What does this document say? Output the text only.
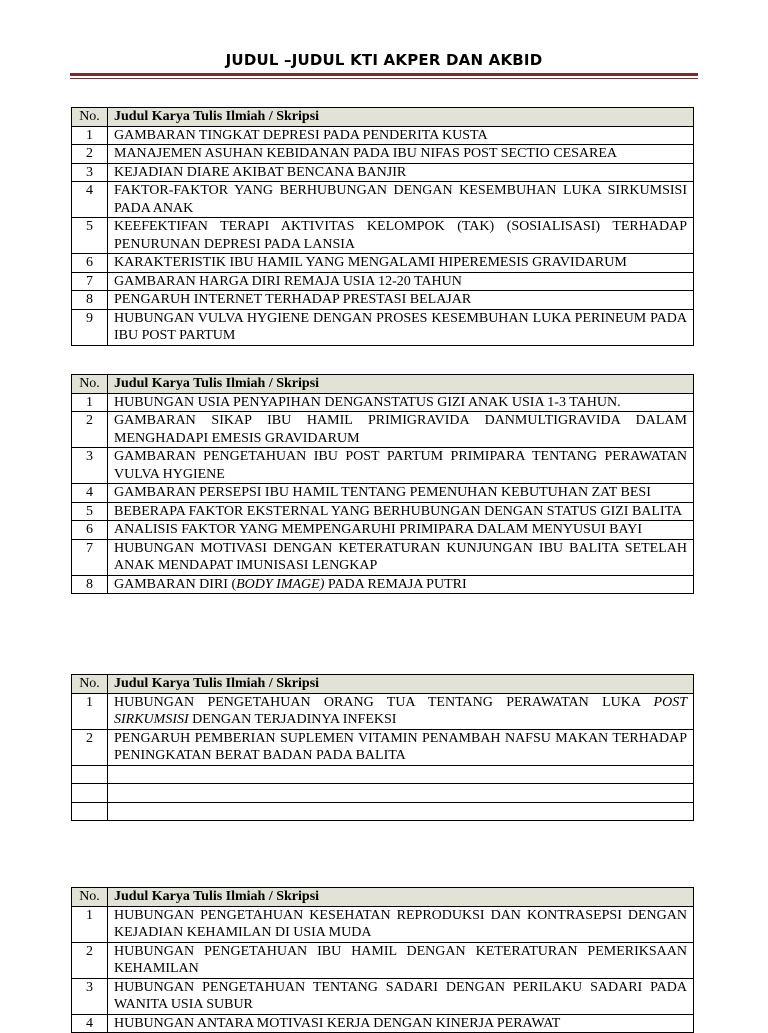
JUDUL –JUDUL KTI AKPER DAN AKBID
No.	Judul Karya Tulis Ilmiah / Skripsi
1	GAMBARAN TINGKAT DEPRESI PADA PENDERITA KUSTA
2	MANAJEMEN ASUHAN KEBIDANAN PADA IBU NIFAS POST SECTIO CESAREA
3	KEJADIAN DIARE AKIBAT BENCANA BANJIR
4	FAKTOR-FAKTOR YANG BERHUBUNGAN DENGAN KESEMBUHAN LUKA SIRKUMSISI PADA ANAK
5	KEEFEKTIFAN TERAPI AKTIVITAS KELOMPOK (TAK) (SOSIALISASI) TERHADAP PENURUNAN DEPRESI PADA LANSIA
6	KARAKTERISTIK IBU HAMIL YANG MENGALAMI HIPEREMESIS GRAVIDARUM
7	GAMBARAN HARGA DIRI REMAJA USIA 12-20 TAHUN
8	PENGARUH INTERNET TERHADAP PRESTASI BELAJAR
9	HUBUNGAN VULVA HYGIENE DENGAN PROSES KESEMBUHAN LUKA PERINEUM PADA IBU POST PARTUM
No.	Judul Karya Tulis Ilmiah / Skripsi
1	HUBUNGAN USIA PENYAPIHAN DENGANSTATUS GIZI ANAK USIA 1-3 TAHUN.
2	GAMBARAN SIKAP IBU HAMIL PRIMIGRAVIDA DANMULTIGRAVIDA DALAM MENGHADAPI EMESIS GRAVIDARUM
3	GAMBARAN PENGETAHUAN IBU POST PARTUM PRIMIPARA TENTANG PERAWATAN VULVA HYGIENE
4	GAMBARAN PERSEPSI IBU HAMIL TENTANG PEMENUHAN KEBUTUHAN ZAT BESI
5	BEBERAPA FAKTOR EKSTERNAL YANG BERHUBUNGAN DENGAN STATUS GIZI BALITA
6	ANALISIS FAKTOR YANG MEMPENGARUHI PRIMIPARA DALAM MENYUSUI BAYI
7	HUBUNGAN MOTIVASI DENGAN KETERATURAN KUNJUNGAN IBU BALITA SETELAH ANAK MENDAPAT IMUNISASI LENGKAP
8	GAMBARAN DIRI (BODY IMAGE) PADA REMAJA PUTRI
No.	Judul Karya Tulis Ilmiah / Skripsi
1	HUBUNGAN PENGETAHUAN ORANG TUA TENTANG PERAWATAN LUKA POST SIRKUMSISI DENGAN TERJADINYA INFEKSI
2	PENGARUH PEMBERIAN SUPLEMEN VITAMIN PENAMBAH NAFSU MAKAN TERHADAP PENINGKATAN BERAT BADAN PADA BALITA

No.	Judul Karya Tulis Ilmiah / Skripsi
1	HUBUNGAN PENGETAHUAN KESEHATAN REPRODUKSI DAN KONTRASEPSI DENGAN KEJADIAN KEHAMILAN DI USIA MUDA
2	HUBUNGAN PENGETAHUAN IBU HAMIL DENGAN KETERATURAN PEMERIKSAAN KEHAMILAN
3	HUBUNGAN PENGETAHUAN TENTANG SADARI DENGAN PERILAKU SADARI PADA WANITA USIA SUBUR
4	HUBUNGAN ANTARA MOTIVASI KERJA DENGAN KINERJA PERAWAT
